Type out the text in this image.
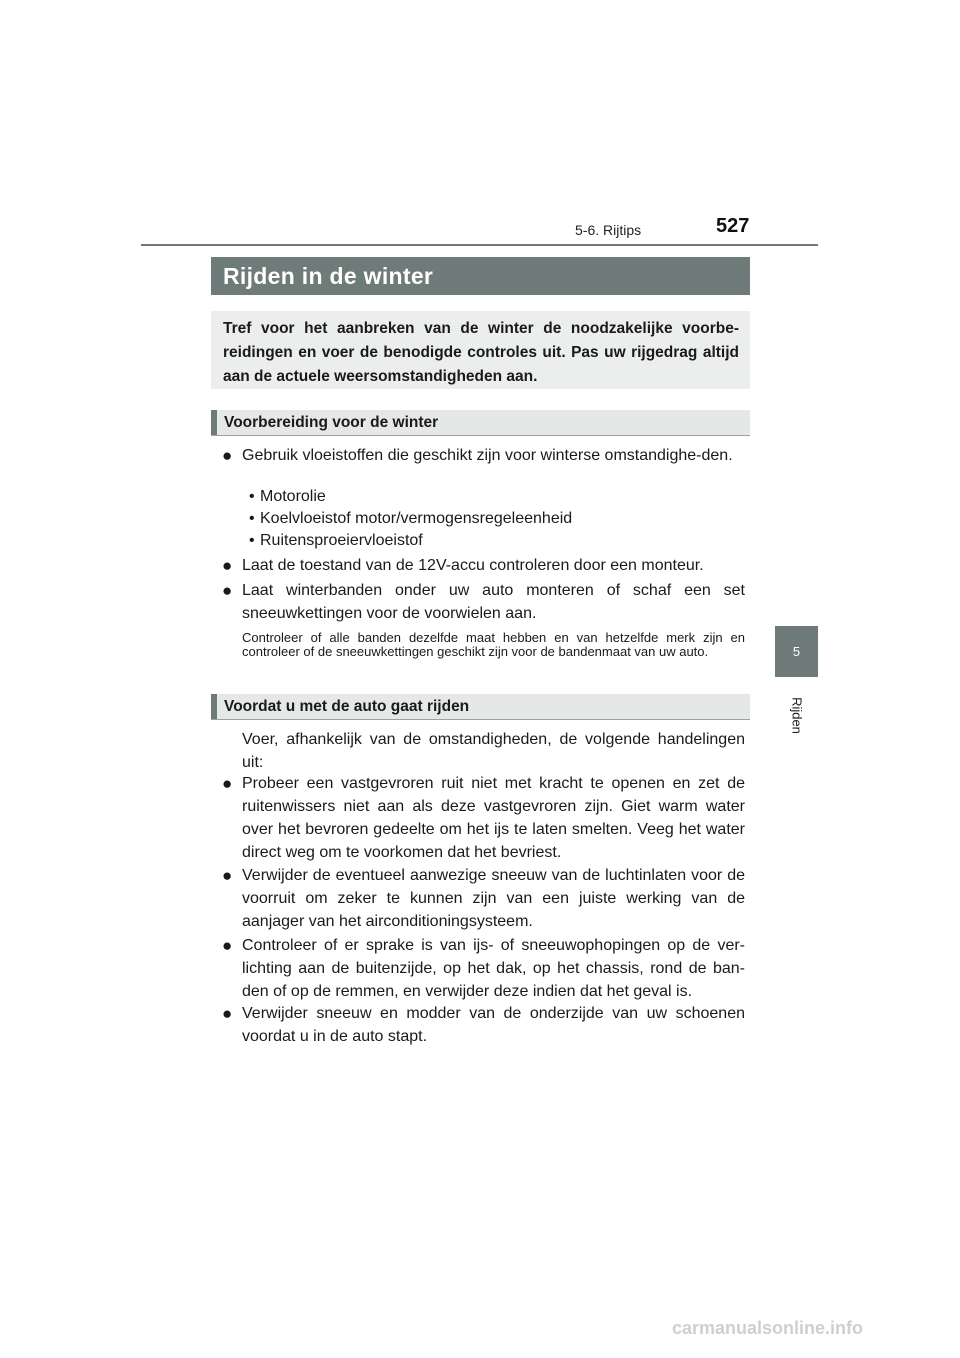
5-6. Rijtips	527
5
Rijden
Rijden in de winter
Tref voor het aanbreken van de winter de noodzakelijke voorbe-reidingen en voer de benodigde controles uit. Pas uw rijgedrag altijd aan de actuele weersomstandigheden aan.
Voorbereiding voor de winter
● Gebruik vloeistoffen die geschikt zijn voor winterse omstandighe-den.
• Motorolie
• Koelvloeistof motor/vermogensregeleenheid
• Ruitensproeiervloeistof
● Laat de toestand van de 12V-accu controleren door een monteur.
● Laat winterbanden onder uw auto monteren of schaf een set sneeuwkettingen voor de voorwielen aan.
Controleer of alle banden dezelfde maat hebben en van hetzelfde merk zijn en controleer of de sneeuwkettingen geschikt zijn voor de bandenmaat van uw auto.
Voordat u met de auto gaat rijden
Voer, afhankelijk van de omstandigheden, de volgende handelingen uit:
● Probeer een vastgevroren ruit niet met kracht te openen en zet de ruitenwissers niet aan als deze vastgevroren zijn. Giet warm water over het bevroren gedeelte om het ijs te laten smelten. Veeg het water direct weg om te voorkomen dat het bevriest.
● Verwijder de eventueel aanwezige sneeuw van de luchtinlaten voor de voorruit om zeker te kunnen zijn van een juiste werking van de aanjager van het airconditioningsysteem.
● Controleer of er sprake is van ijs- of sneeuwophopingen op de ver-lichting aan de buitenzijde, op het dak, op het chassis, rond de ban-den of op de remmen, en verwijder deze indien dat het geval is.
● Verwijder sneeuw en modder van de onderzijde van uw schoenen voordat u in de auto stapt.
carmanualsonline.info
